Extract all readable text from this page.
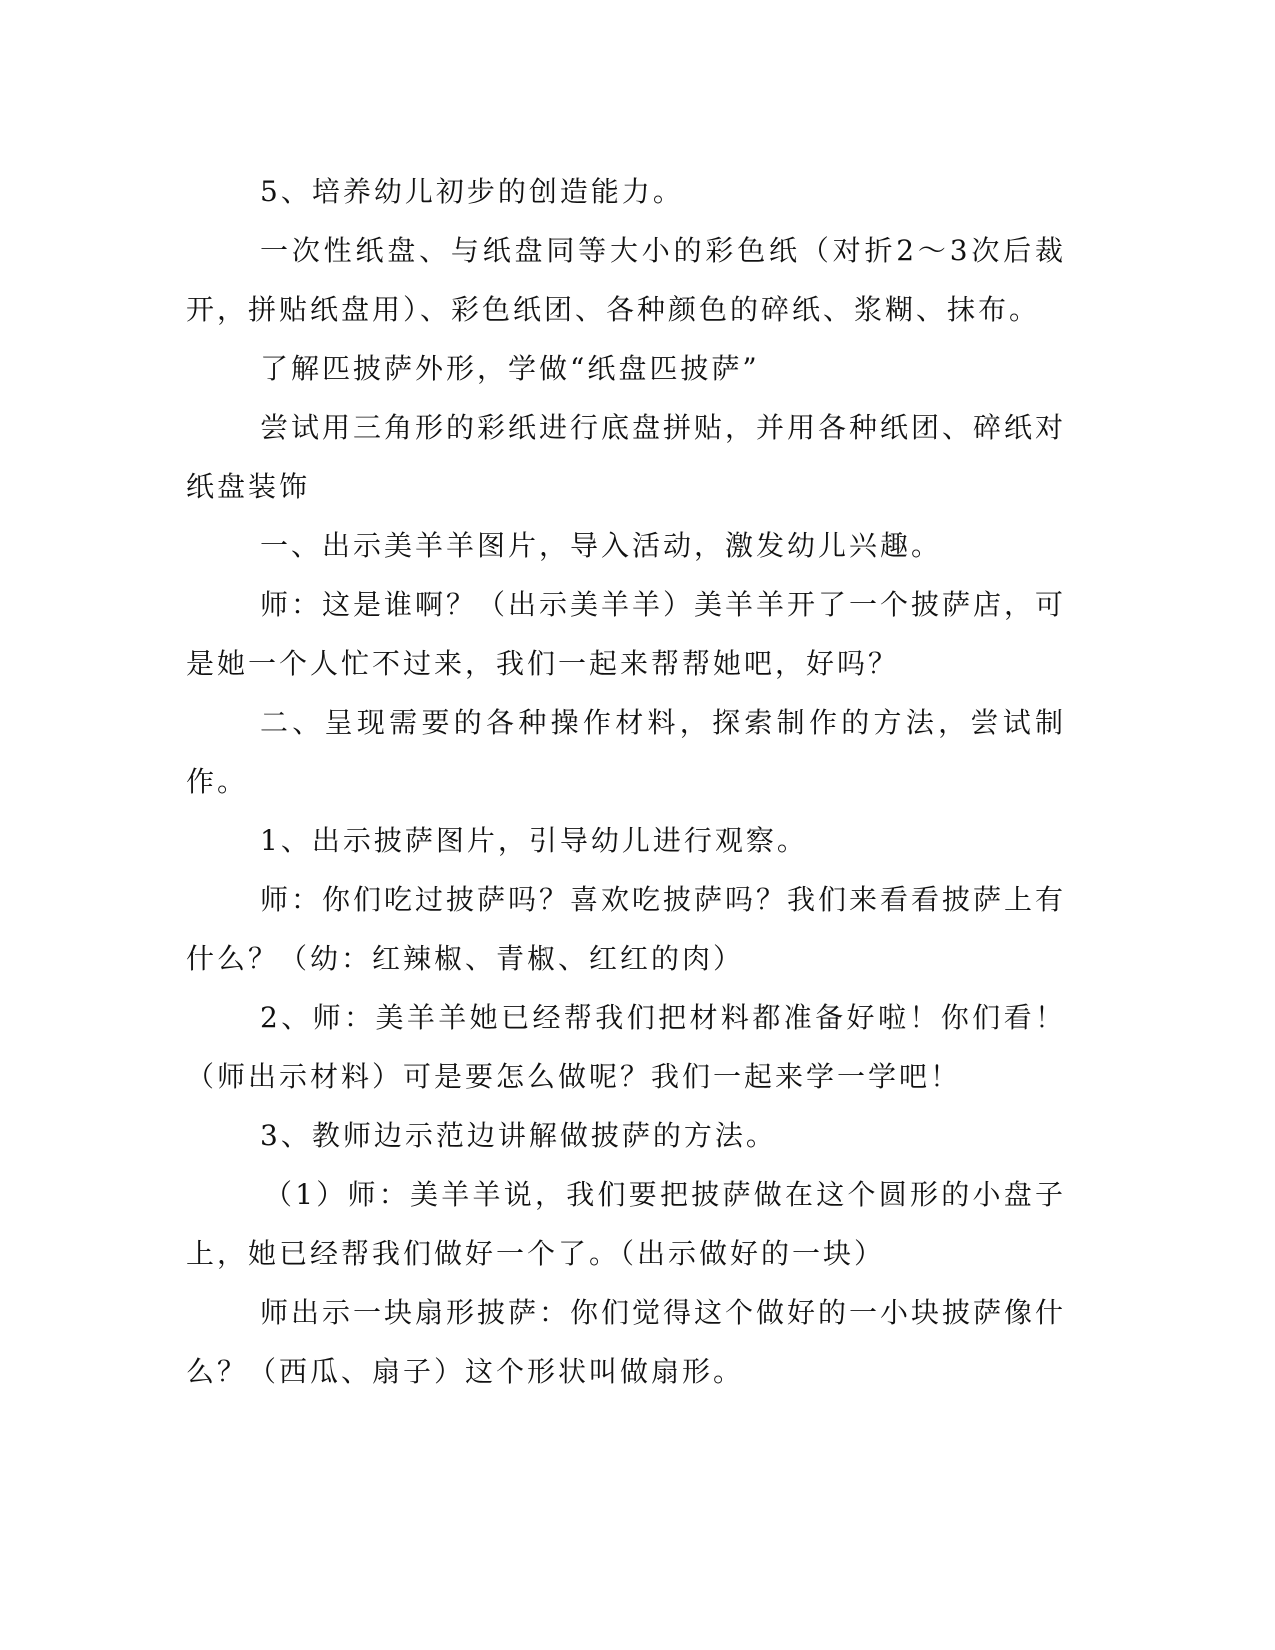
5、培养幼儿初步的创造能力。

一次性纸盘、与纸盘同等大小的彩色纸（对折2～3次后裁开，拼贴纸盘用）、彩色纸团、各种颜色的碎纸、浆糊、抹布。

了解匹披萨外形，学做“纸盘匹披萨”

尝试用三角形的彩纸进行底盘拼贴，并用各种纸团、碎纸对纸盘装饰

一、出示美羊羊图片，导入活动，激发幼儿兴趣。

师：这是谁啊？（出示美羊羊）美羊羊开了一个披萨店，可是她一个人忙不过来，我们一起来帮帮她吧，好吗？

二、呈现需要的各种操作材料，探索制作的方法，尝试制作。

1、出示披萨图片，引导幼儿进行观察。

师：你们吃过披萨吗？喜欢吃披萨吗？我们来看看披萨上有什么？（幼：红辣椒、青椒、红红的肉）

2、师：美羊羊她已经帮我们把材料都准备好啦！你们看！（师出示材料）可是要怎么做呢？我们一起来学一学吧！

3、教师边示范边讲解做披萨的方法。

（1）师：美羊羊说，我们要把披萨做在这个圆形的小盘子上，她已经帮我们做好一个了。（出示做好的一块）

师出示一块扇形披萨：你们觉得这个做好的一小块披萨像什么？（西瓜、扇子）这个形状叫做扇形。
